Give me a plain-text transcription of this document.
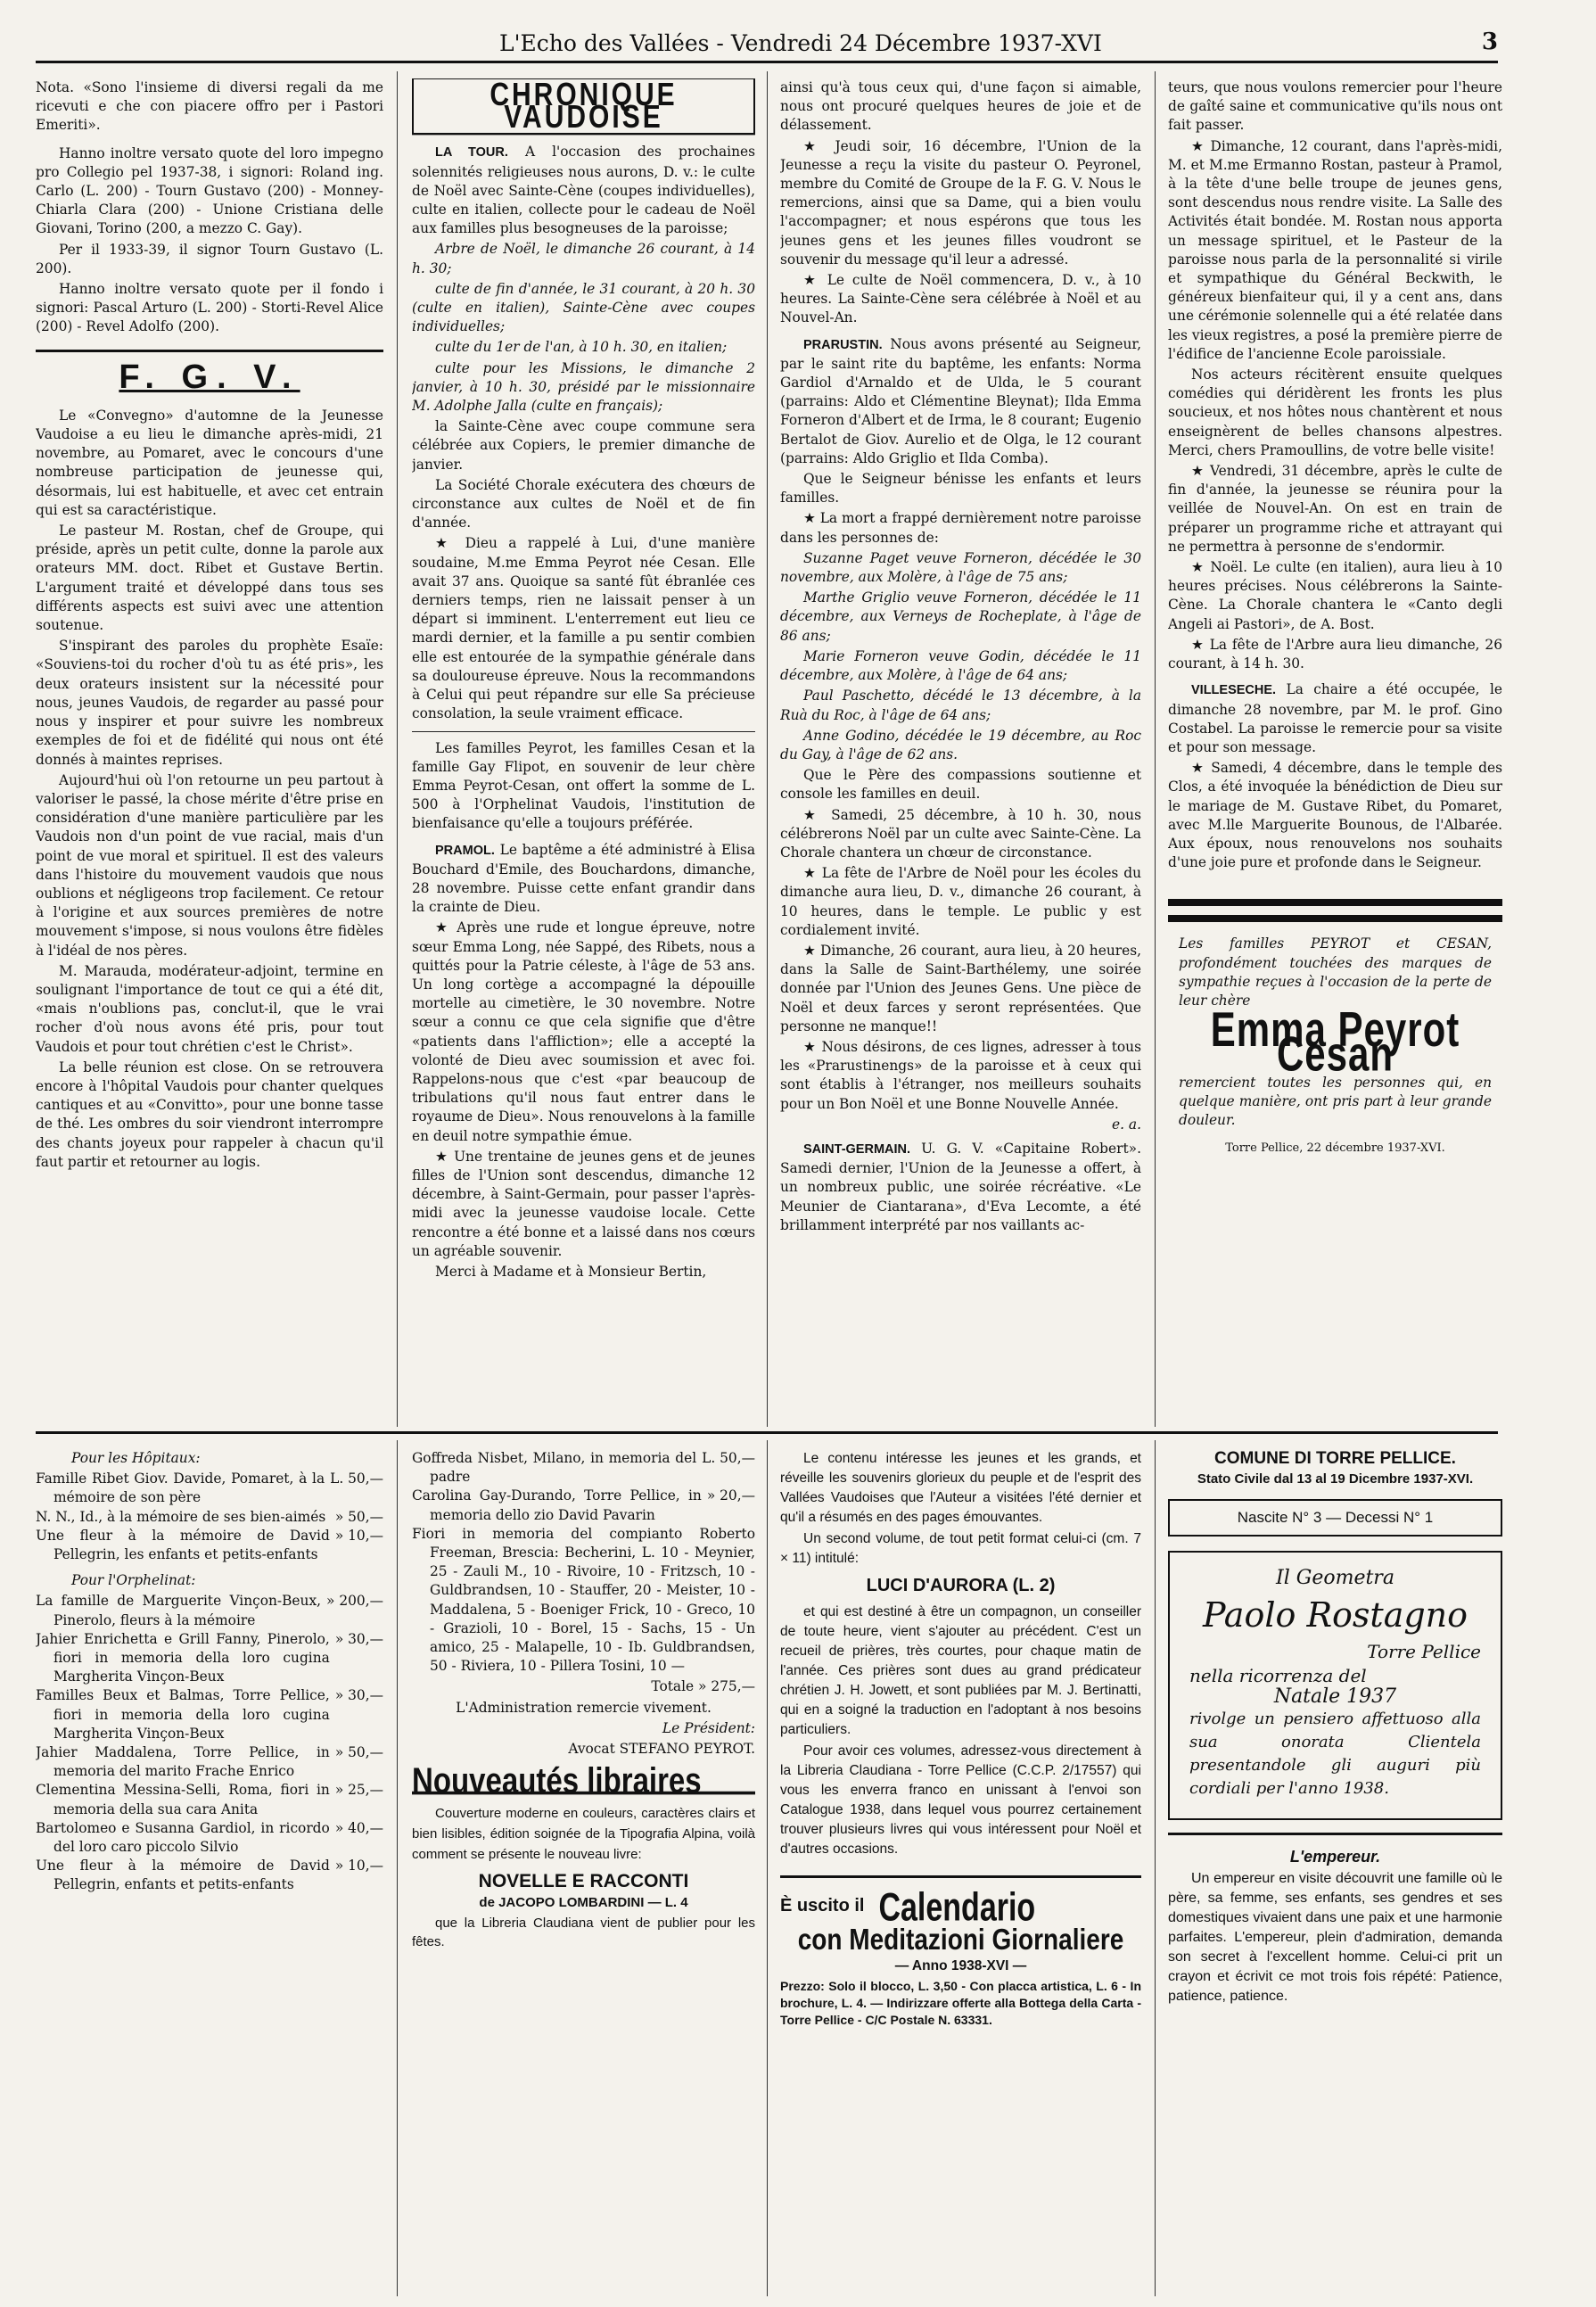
L'Echo des Vallées - Vendredi 24 Décembre 1937-XVI	3

Nota. «Sono l'insieme di diversi regali da me ricevuti e che con piacere offro per i Pastori Emeriti».

Hanno inoltre versato quote del loro impegno pro Collegio pel 1937-38, i signori: Roland ing. Carlo (L. 200) - Tourn Gustavo (200) - Monney-Chiarla Clara (200) - Unione Cristiana delle Giovani, Torino (200, a mezzo C. Gay).

Per il 1933-39, il signor Tourn Gustavo (L. 200).

Hanno inoltre versato quote per il fondo i signori: Pascal Arturo (L. 200) - Storti-Revel Alice (200) - Revel Adolfo (200).

F. G. V.

Le «Convegno» d'automne de la Jeunesse Vaudoise a eu lieu le dimanche après-midi, 21 novembre, au Pomaret, avec le concours d'une nombreuse participation de jeunesse qui, désormais, lui est habituelle, et avec cet entrain qui est sa caractéristique.

Le pasteur M. Rostan, chef de Groupe, qui préside, après un petit culte, donne la parole aux orateurs MM. doct. Ribet et Gustave Bertin. L'argument traité et développé dans tous ses différents aspects est suivi avec une attention soutenue.

S'inspirant des paroles du prophète Esaïe: «Souviens-toi du rocher d'où tu as été pris», les deux orateurs insistent sur la nécessité pour nous, jeunes Vaudois, de regarder au passé pour nous y inspirer et pour suivre les nombreux exemples de foi et de fidélité qui nous ont été donnés à maintes reprises.

Aujourd'hui où l'on retourne un peu partout à valoriser le passé, la chose mérite d'être prise en considération d'une manière particulière par les Vaudois non d'un point de vue racial, mais d'un point de vue moral et spirituel. Il est des valeurs dans l'histoire du mouvement vaudois que nous oublions et négligeons trop facilement. Ce retour à l'origine et aux sources premières de notre mouvement s'impose, si nous voulons être fidèles à l'idéal de nos pères.

M. Marauda, modérateur-adjoint, termine en soulignant l'importance de tout ce qui a été dit, «mais n'oublions pas, conclut-il, que le vrai rocher d'où nous avons été pris, pour tout Vaudois et pour tout chrétien c'est le Christ».

La belle réunion est close. On se retrouvera encore à l'hôpital Vaudois pour chanter quelques cantiques et au «Convitto», pour une bonne tasse de thé. Les ombres du soir viendront interrompre des chants joyeux pour rappeler à chacun qu'il faut partir et retourner au logis.

CHRONIQUE VAUDOISE

LA TOUR. A l'occasion des prochaines solennités religieuses nous aurons, D. v.: le culte de Noël avec Sainte-Cène (coupes individuelles), culte en italien, collecte pour le cadeau de Noël aux familles plus besogneuses de la paroisse;

Arbre de Noël, le dimanche 26 courant, à 14 h. 30;

culte de fin d'année, le 31 courant, à 20 h. 30 (culte en italien), Sainte-Cène avec coupes individuelles;

culte du 1er de l'an, à 10 h. 30, en italien;

culte pour les Missions, le dimanche 2 janvier, à 10 h. 30, présidé par le missionnaire M. Adolphe Jalla (culte en français);

la Sainte-Cène avec coupe commune sera célébrée aux Copiers, le premier dimanche de janvier.

La Société Chorale exécutera des chœurs de circonstance aux cultes de Noël et de fin d'année.

★ Dieu a rappelé à Lui, d'une manière soudaine, M.me Emma Peyrot née Cesan. Elle avait 37 ans. Quoique sa santé fût ébranlée ces derniers temps, rien ne laissait penser à un départ si imminent. L'enterrement eut lieu ce mardi dernier, et la famille a pu sentir combien elle est entourée de la sympathie générale dans sa douloureuse épreuve. Nous la recommandons à Celui qui peut répandre sur elle Sa précieuse consolation, la seule vraiment efficace.

Les familles Peyrot, les familles Cesan et la famille Gay Flipot, en souvenir de leur chère Emma Peyrot-Cesan, ont offert la somme de L. 500 à l'Orphelinat Vaudois, l'institution de bienfaisance qu'elle a toujours préférée.

PRAMOL. Le baptême a été administré à Elisa Bouchard d'Emile, des Bouchardons, dimanche, 28 novembre. Puisse cette enfant grandir dans la crainte de Dieu.

★ Après une rude et longue épreuve, notre sœur Emma Long, née Sappé, des Ribets, nous a quittés pour la Patrie céleste, à l'âge de 53 ans. Un long cortège a accompagné la dépouille mortelle au cimetière, le 30 novembre. Notre sœur a connu ce que cela signifie que d'être «patients dans l'affliction»; elle a accepté la volonté de Dieu avec soumission et avec foi. Rappelons-nous que c'est «par beaucoup de tribulations qu'il nous faut entrer dans le royaume de Dieu». Nous renouvelons à la famille en deuil notre sympathie émue.

★ Une trentaine de jeunes gens et de jeunes filles de l'Union sont descendus, dimanche 12 décembre, à Saint-Germain, pour passer l'après-midi avec la jeunesse vaudoise locale. Cette rencontre a été bonne et a laissé dans nos cœurs un agréable souvenir.

Merci à Madame et à Monsieur Bertin,

ainsi qu'à tous ceux qui, d'une façon si aimable, nous ont procuré quelques heures de joie et de délassement.

★ Jeudi soir, 16 décembre, l'Union de la Jeunesse a reçu la visite du pasteur O. Peyronel, membre du Comité de Groupe de la F. G. V. Nous le remercions, ainsi que sa Dame, qui a bien voulu l'accompagner; et nous espérons que tous les jeunes gens et les jeunes filles voudront se souvenir du message qu'il leur a adressé.

★ Le culte de Noël commencera, D. v., à 10 heures. La Sainte-Cène sera célébrée à Noël et au Nouvel-An.

PRARUSTIN. Nous avons présenté au Seigneur, par le saint rite du baptême, les enfants: Norma Gardiol d'Arnaldo et de Ulda, le 5 courant (parrains: Aldo et Clémentine Bleynat); Ilda Emma Forneron d'Albert et de Irma, le 8 courant; Eugenio Bertalot de Giov. Aurelio et de Olga, le 12 courant (parrains: Aldo Griglio et Ilda Comba).

Que le Seigneur bénisse les enfants et leurs familles.

★ La mort a frappé dernièrement notre paroisse dans les personnes de:

Suzanne Paget veuve Forneron, décédée le 30 novembre, aux Molère, à l'âge de 75 ans;

Marthe Griglio veuve Forneron, décédée le 11 décembre, aux Verneys de Rocheplate, à l'âge de 86 ans;

Marie Forneron veuve Godin, décédée le 11 décembre, aux Molère, à l'âge de 64 ans;

Paul Paschetto, décédé le 13 décembre, à la Ruà du Roc, à l'âge de 64 ans;

Anne Godino, décédée le 19 décembre, au Roc du Gay, à l'âge de 62 ans.

Que le Père des compassions soutienne et console les familles en deuil.

★ Samedi, 25 décembre, à 10 h. 30, nous célébrerons Noël par un culte avec Sainte-Cène. La Chorale chantera un chœur de circonstance.

★ La fête de l'Arbre de Noël pour les écoles du dimanche aura lieu, D. v., dimanche 26 courant, à 10 heures, dans le temple. Le public y est cordialement invité.

★ Dimanche, 26 courant, aura lieu, à 20 heures, dans la Salle de Saint-Barthélemy, une soirée donnée par l'Union des Jeunes Gens. Une pièce de Noël et deux farces y seront représentées. Que personne ne manque!!

★ Nous désirons, de ces lignes, adresser à tous les «Prarustinengs» de la paroisse et à ceux qui sont établis à l'étranger, nos meilleurs souhaits pour un Bon Noël et une Bonne Nouvelle Année.

e. a.

SAINT-GERMAIN. U. G. V. «Capitaine Robert». Samedi dernier, l'Union de la Jeunesse a offert, à un nombreux public, une soirée récréative. «Le Meunier de Ciantarana», d'Eva Lecomte, a été brillamment interprété par nos vaillants ac-

teurs, que nous voulons remercier pour l'heure de gaîté saine et communicative qu'ils nous ont fait passer.

★ Dimanche, 12 courant, dans l'après-midi, M. et M.me Ermanno Rostan, pasteur à Pramol, à la tête d'une belle troupe de jeunes gens, sont descendus nous rendre visite. La Salle des Activités était bondée. M. Rostan nous apporta un message spirituel, et le Pasteur de la paroisse nous parla de la personnalité si virile et sympathique du Général Beckwith, le généreux bienfaiteur qui, il y a cent ans, dans une cérémonie solennelle qui a été relatée dans les vieux registres, a posé la première pierre de l'édifice de l'ancienne Ecole paroissiale.

Nos acteurs récitèrent ensuite quelques comédies qui déridèrent les fronts les plus soucieux, et nos hôtes nous chantèrent et nous enseignèrent de belles chansons alpestres. Merci, chers Pramoullins, de votre belle visite!

★ Vendredi, 31 décembre, après le culte de fin d'année, la jeunesse se réunira pour la veillée de Nouvel-An. On est en train de préparer un programme riche et attrayant qui ne permettra à personne de s'endormir.

★ Noël. Le culte (en italien), aura lieu à 10 heures précises. Nous célébrerons la Sainte-Cène. La Chorale chantera le «Canto degli Angeli ai Pastori», de A. Bost.

★ La fête de l'Arbre aura lieu dimanche, 26 courant, à 14 h. 30.

VILLESECHE. La chaire a été occupée, le dimanche 28 novembre, par M. le prof. Gino Costabel. La paroisse le remercie pour sa visite et pour son message.

★ Samedi, 4 décembre, dans le temple des Clos, a été invoquée la bénédiction de Dieu sur le mariage de M. Gustave Ribet, du Pomaret, avec M.lle Marguerite Bounous, de l'Albarée. Aux époux, nous renouvelons nos souhaits d'une joie pure et profonde dans le Seigneur.

Les familles PEYROT et CESAN, profondément touchées des marques de sympathie reçues à l'occasion de la perte de leur chère

Emma Peyrot Cesan

remercient toutes les personnes qui, en quelque manière, ont pris part à leur grande douleur.

Torre Pellice, 22 décembre 1937-XVI.

Pour les Hôpitaux:

Famille Ribet Giov. Davide, Pomaret, à la mémoire de son père
L. 50,—
N. N., Id., à la mémoire de ses bien-aimés » 50,—
Une fleur à la mémoire de David Pellegrin, les enfants et petits-enfants
» 10,—

Pour l'Orphelinat:

La famille de Marguerite Vinçon-Beux, Pinerolo, fleurs à la mémoire
» 200,—
Jahier Enrichetta e Grill Fanny, Pinerolo, fiori in memoria della loro cugina Margherita Vinçon-Beux
» 30,—
Familles Beux et Balmas, Torre Pellice, fiori in memoria della loro cugina Margherita Vinçon-Beux
» 30,—
Jahier Maddalena, Torre Pellice, in memoria del marito Frache Enrico
» 50,—
Clementina Messina-Selli, Roma, fiori in memoria della sua cara Anita
» 25,—
Bartolomeo e Susanna Gardiol, in ricordo del loro caro piccolo Silvio
» 40,—
Une fleur à la mémoire de David Pellegrin, enfants et petits-enfants
» 10,—
Goffreda Nisbet, Milano, in memoria del padre
L. 50,—
Carolina Gay-Durando, Torre Pellice, in memoria dello zio David Pavarin
» 20,—

Fiori in memoria del compianto Roberto Freeman, Brescia: Becherini, L. 10 - Meynier, 25 - Zauli M., 10 - Rivoire, 10 - Fritzsch, 10 - Guldbrandsen, 10 - Stauffer, 20 - Meister, 10 - Maddalena, 5 - Boeniger Frick, 10 - Greco, 10 - Grazioli, 10 - Borel, 15 - Sachs, 15 - Un amico, 25 - Malapelle, 10 - Ib. Guldbrandsen, 50 - Riviera, 10 - Pillera Tosini, 10 —

Totale » 275,—

L'Administration remercie vivement.

Le Président:

Avocat STEFANO PEYROT.

Nouveautés libraires

Couverture moderne en couleurs, caractères clairs et bien lisibles, édition soignée de la Tipografia Alpina, voilà comment se présente le nouveau livre:

NOVELLE E RACCONTI

de JACOPO LOMBARDINI — L. 4

que la Libreria Claudiana vient de publier pour les fêtes.

Le contenu intéresse les jeunes et les grands, et réveille les souvenirs glorieux du peuple et de l'esprit des Vallées Vaudoises que l'Auteur a visitées l'été dernier et qu'il a résumés en des pages émouvantes.

Un second volume, de tout petit format celui-ci (cm. 7 × 11) intitulé:

LUCI D'AURORA (L. 2)

et qui est destiné à être un compagnon, un conseiller de toute heure, vient s'ajouter au précédent. C'est un recueil de prières, très courtes, pour chaque matin de l'année. Ces prières sont dues au grand prédicateur chrétien J. H. Jowett, et sont publiées par M. J. Bertinatti, qui en a soigné la traduction en l'adoptant à nos besoins particuliers.

Pour avoir ces volumes, adressez-vous directement à la Libreria Claudiana - Torre Pellice (C.C.P. 2/17557) qui vous les enverra franco en unissant à l'envoi son Catalogue 1938, dans lequel vous pourrez certainement trouver plusieurs livres qui vous intéressent pour Noël et d'autres occasions.

È uscito il Calendario

con Meditazioni Giornaliere

— Anno 1938-XVI —

Prezzo: Solo il blocco, L. 3,50 - Con placca artistica, L. 6 - In brochure, L. 4. — Indirizzare offerte alla Bottega della Carta - Torre Pellice - C/C Postale N. 63331.

COMUNE DI TORRE PELLICE.

Stato Civile dal 13 al 19 Dicembre 1937-XVI.

Nascite N° 3 — Decessi N° 1

Il Geometra

Paolo Rostagno

Torre Pellice

nella ricorrenza del

Natale 1937

rivolge un pensiero affettuoso alla sua onorata Clientela presentandole gli auguri più cordiali per l'anno 1938.

L'empereur.

Un empereur en visite découvrit une famille où le père, sa femme, ses enfants, ses gendres et ses domestiques vivaient dans une paix et une harmonie parfaites. L'empereur, plein d'admiration, demanda son secret à l'excellent homme. Celui-ci prit un crayon et écrivit ce mot trois fois répété: Patience, patience, patience.
